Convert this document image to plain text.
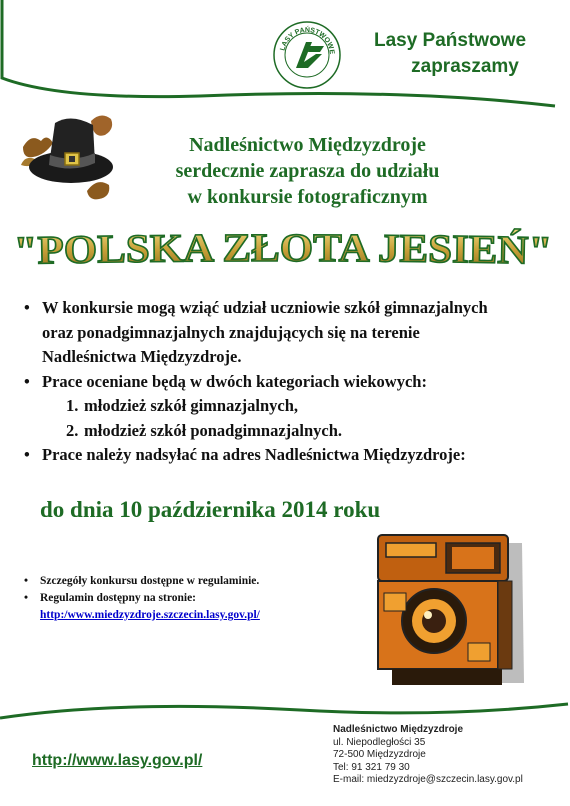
LASY PAŃSTWOWE
Lasy Państwowe
zapraszamy
Nadleśnictwo Międzyzdroje
serdecznie zaprasza do udziału
w konkursie fotograficznym
"POLSKA ZŁOTA JESIEŃ"
• W konkursie mogą wziąć udział uczniowie szkół gimnazjalnych
oraz ponadgimnazjalnych znajdujących się na terenie
Nadleśnictwa Międzyzdroje.
• Prace oceniane będą w dwóch kategoriach wiekowych:
1. młodzież szkół gimnazjalnych,
2. młodzież szkół ponadgimnazjalnych.
• Prace należy nadsyłać na adres Nadleśnictwa Międzyzdroje:
do dnia 10 października 2014 roku
• Szczegóły konkursu dostępne w regulaminie.
• Regulamin dostępny na stronie:
http:/www.miedzyzdroje.szczecin.lasy.gov.pl/
http://www.lasy.gov.pl/
Nadleśnictwo Międzyzdroje
ul. Niepodległości 35
72-500 Międzyzdroje
Tel: 91 321 79 30
E-mail: miedzyzdroje@szczecin.lasy.gov.pl
